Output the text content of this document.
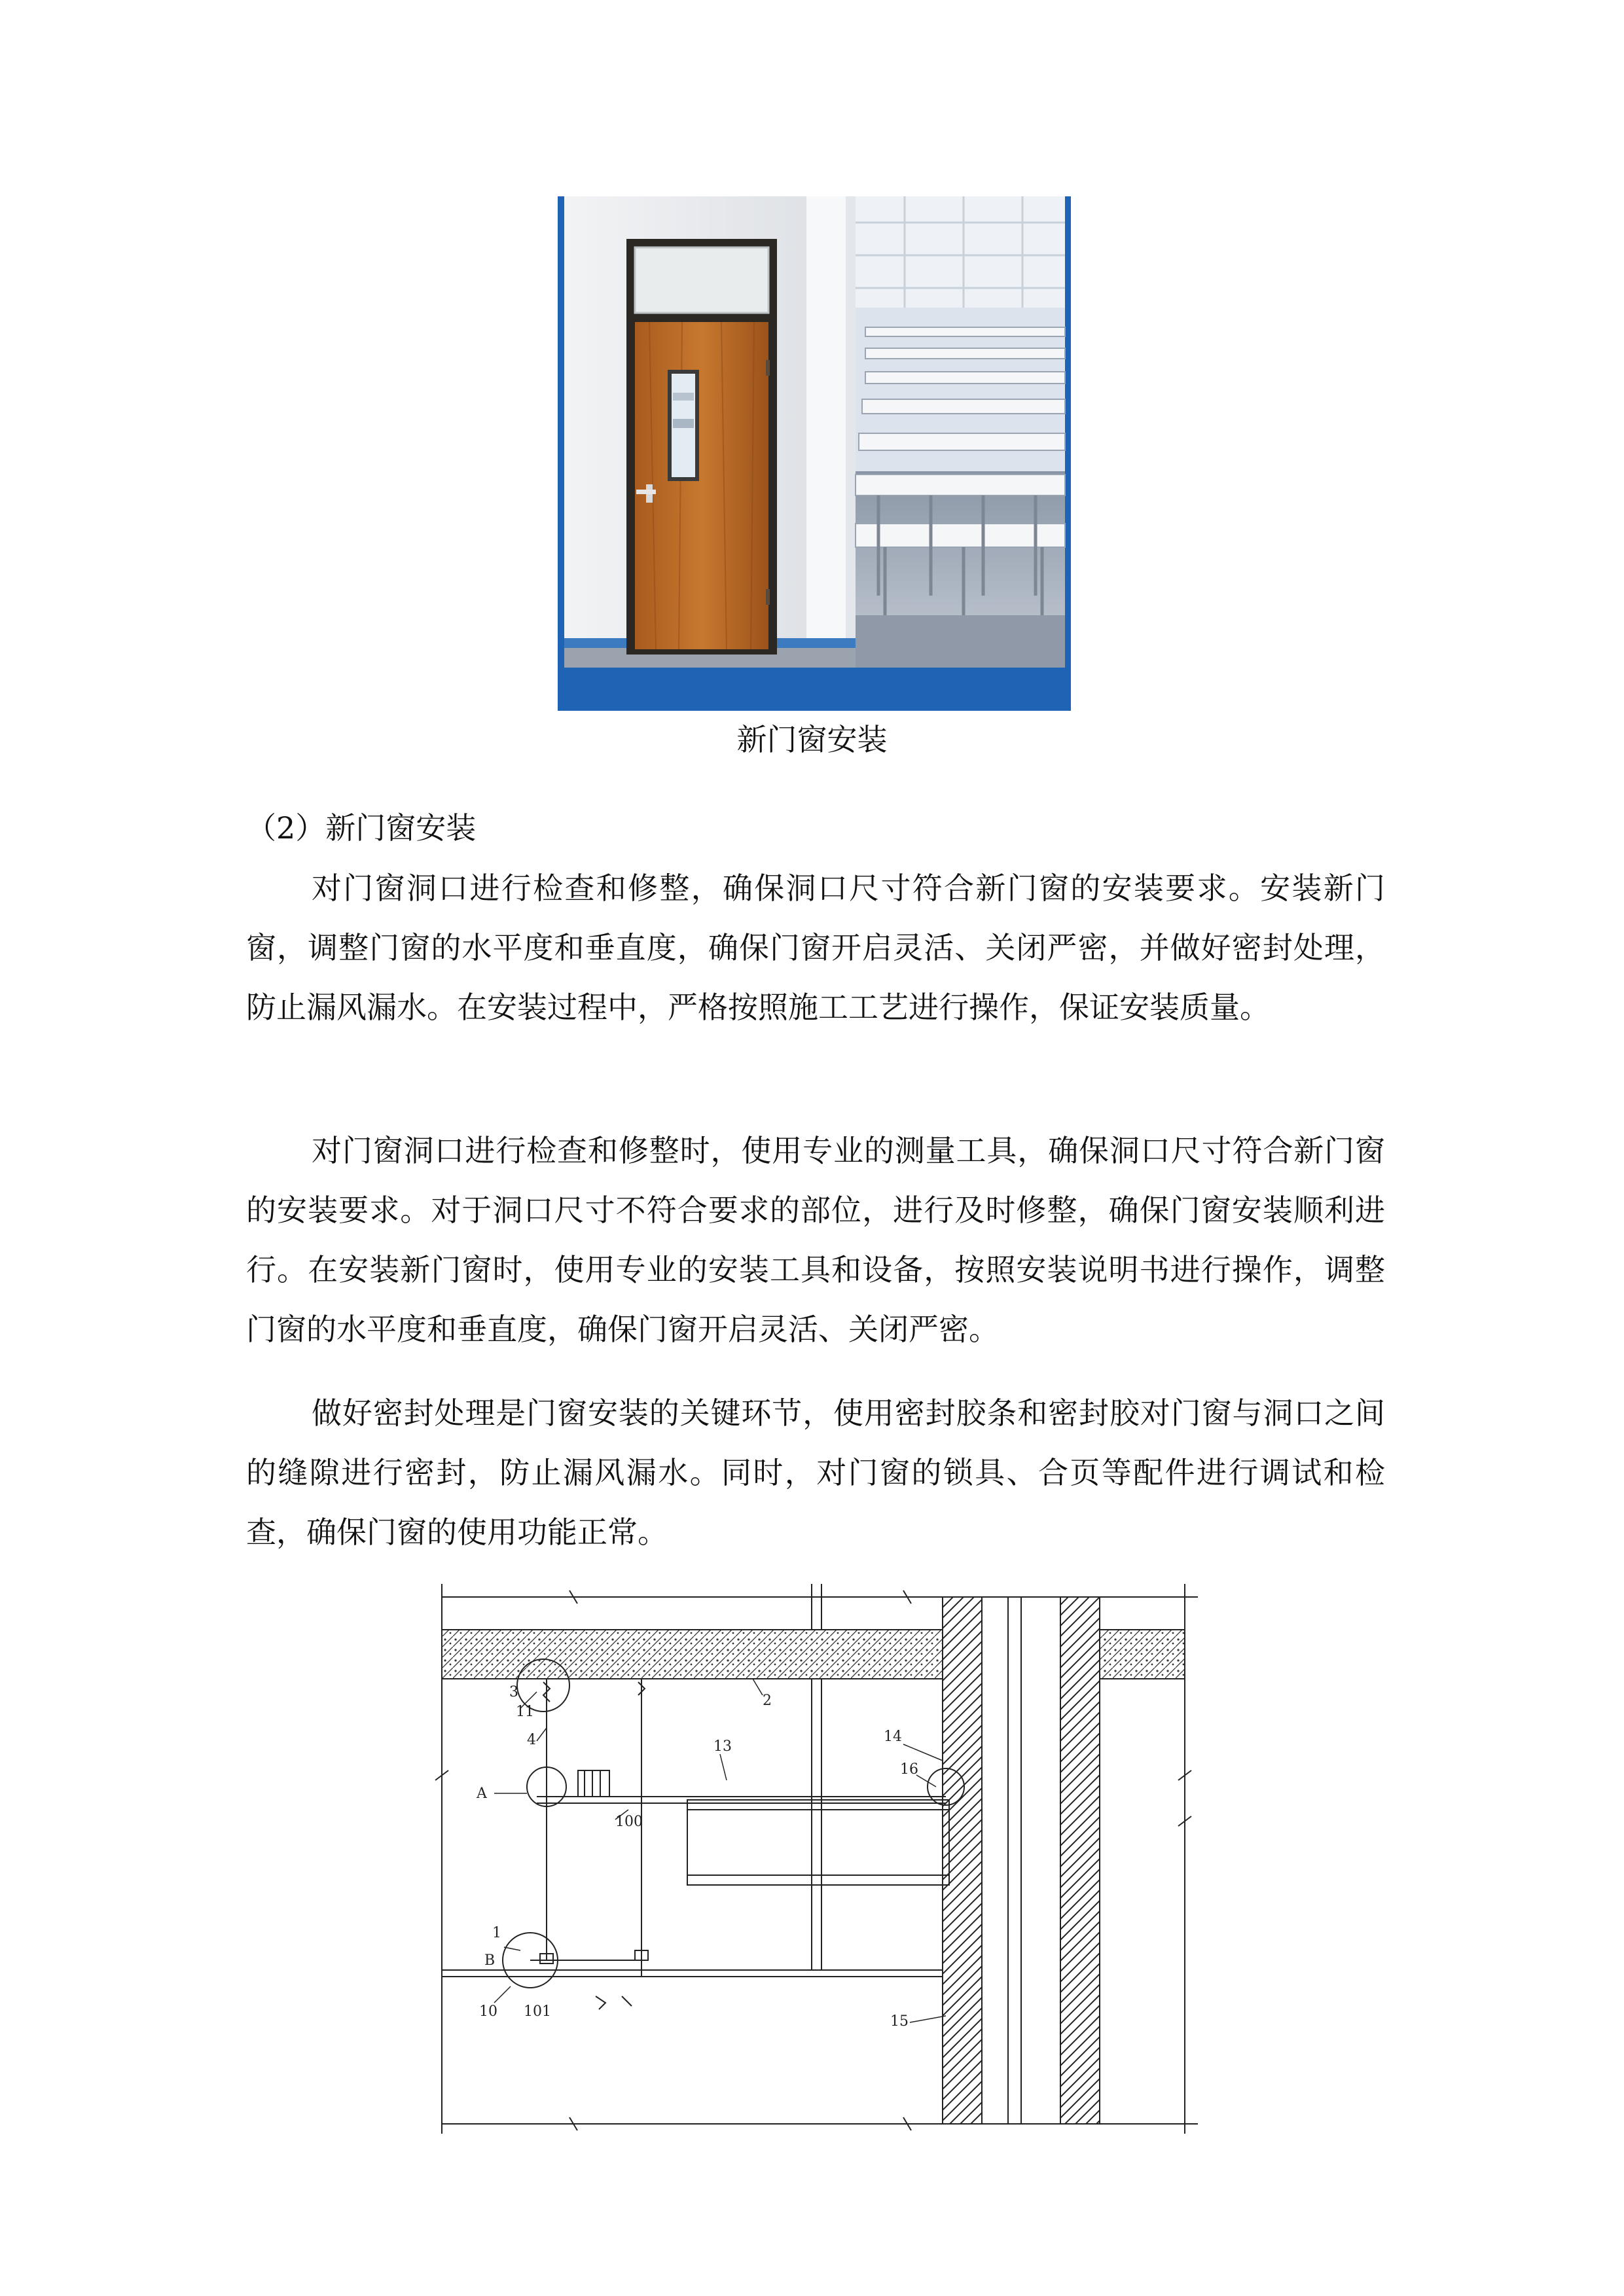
新门窗安装
（2）新门窗安装

对门窗洞口进行检查和修整，确保洞口尺寸符合新门窗的安装要求。安装新门窗，调整门窗的水平度和垂直度，确保门窗开启灵活、关闭严密，并做好密封处理，防止漏风漏水。在安装过程中，严格按照施工工艺进行操作，保证安装质量。

对门窗洞口进行检查和修整时，使用专业的测量工具，确保洞口尺寸符合新门窗的安装要求。对于洞口尺寸不符合要求的部位，进行及时修整，确保门窗安装顺利进行。在安装新门窗时，使用专业的安装工具和设备，按照安装说明书进行操作，调整门窗的水平度和垂直度，确保门窗开启灵活、关闭严密。

做好密封处理是门窗安装的关键环节，使用密封胶条和密封胶对门窗与洞口之间的缝隙进行密封，防止漏风漏水。同时，对门窗的锁具、合页等配件进行调试和检查，确保门窗的使用功能正常。

3
11
4
A
100
1
B
10 101
2
13
14
16
15
